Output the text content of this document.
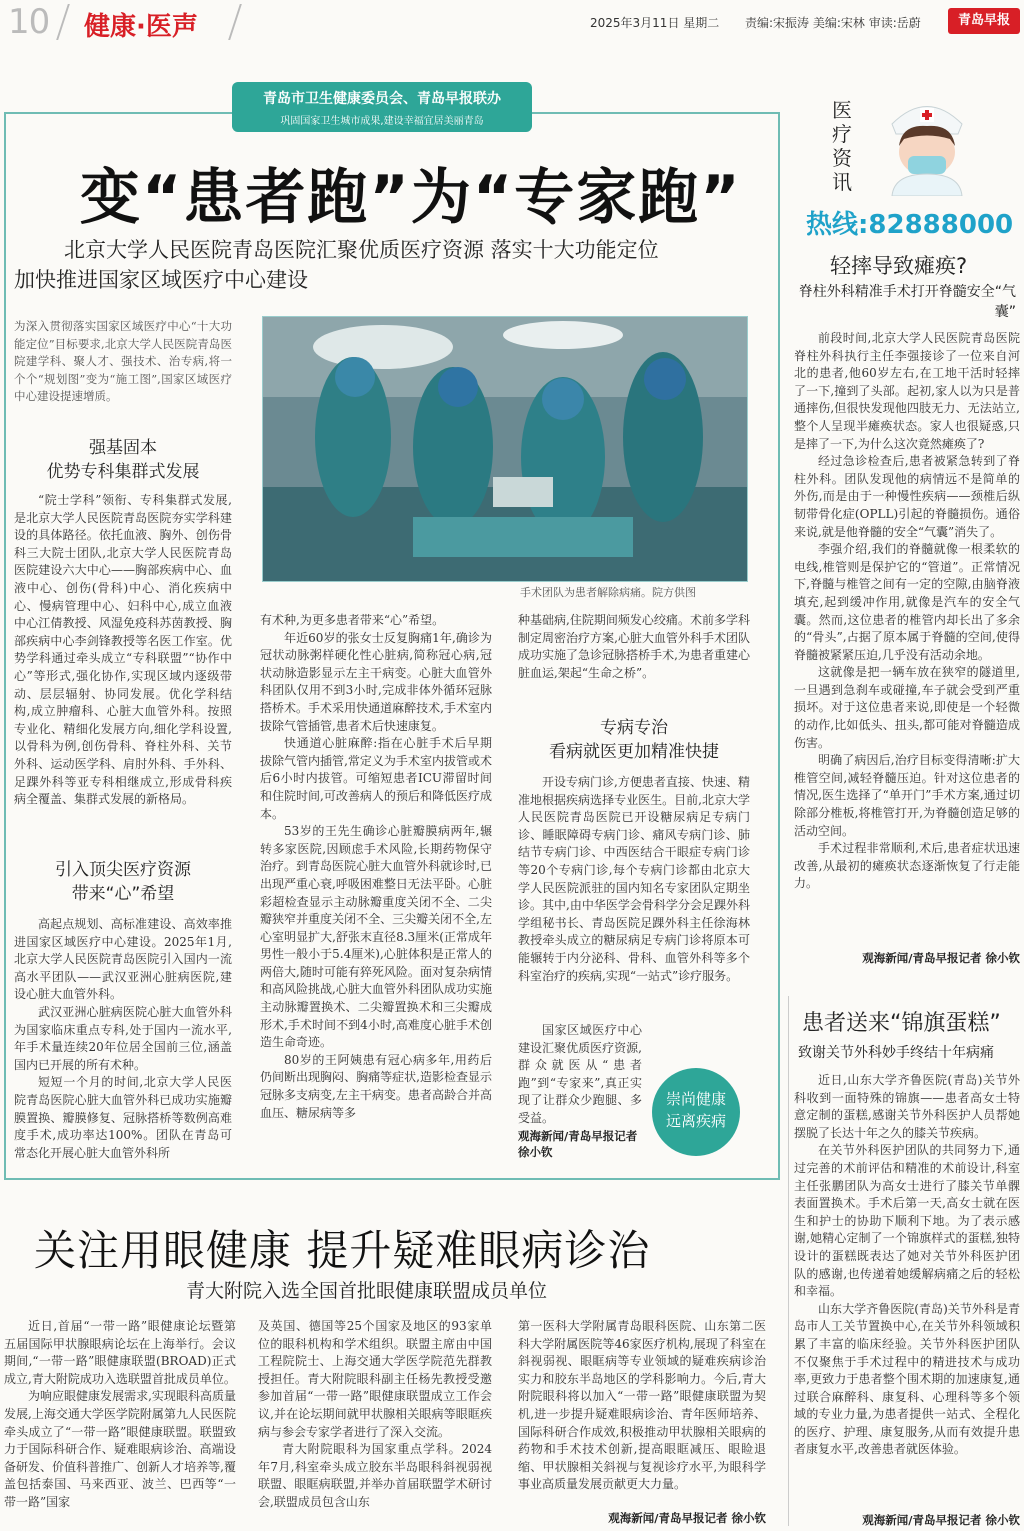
10 健康·医声	2025年3月11日 星期二 责编:宋振涛 美编:宋林 审读:岳蔚	青岛早报
青岛市卫生健康委员会、青岛早报联办
巩固国家卫生城市成果,建设幸福宜居美丽青岛
变“患者跑”为“专家跑”
北京大学人民医院青岛医院汇聚优质医疗资源 落实十大功能定位
加快推进国家区域医疗中心建设
为深入贯彻落实国家区域医疗中心“十大功能定位”目标要求,北京大学人民医院青岛医院建学科、聚人才、强技术、治专病,将一个个“规划图”变为“施工图”,国家区域医疗中心建设提速增质。
强基固本
优势专科集群式发展

“院士学科”领衔、专科集群式发展,是北京大学人民医院青岛医院夯实学科建设的具体路径。依托血液、胸外、创伤骨科三大院士团队,北京大学人民医院青岛医院建设六大中心——胸部疾病中心、血液中心、创伤(骨科)中心、消化疾病中心、慢病管理中心、妇科中心,成立血液中心江倩教授、风湿免疫科苏茵教授、胸部疾病中心李剑锋教授等名医工作室。优势学科通过牵头成立“专科联盟”“协作中心”等形式,强化协作,实现区域内逐级带动、层层辐射、协同发展。优化学科结构,成立肿瘤科、心脏大血管外科。按照专业化、精细化发展方向,细化学科设置,以骨科为例,创伤骨科、脊柱外科、关节外科、运动医学科、肩肘外科、手外科、足踝外科等亚专科相继成立,形成骨科疾病全覆盖、集群式发展的新格局。

引入顶尖医疗资源
带来“心”希望

高起点规划、高标准建设、高效率推进国家区域医疗中心建设。2025年1月,北京大学人民医院青岛医院引入国内一流高水平团队——武汉亚洲心脏病医院,建设心脏大血管外科。

武汉亚洲心脏病医院心脏大血管外科为国家临床重点专科,处于国内一流水平,年手术量连续20年位居全国前三位,涵盖国内已开展的所有术种。

短短一个月的时间,北京大学人民医院青岛医院心脏大血管外科已成功实施瓣膜置换、瓣膜修复、冠脉搭桥等数例高难度手术,成功率达100%。团队在青岛可常态化开展心脏大血管外科所

手术团队为患者解除病痛。院方供图

有术种,为更多患者带来“心”希望。

年近60岁的张女士反复胸痛1年,确诊为冠状动脉粥样硬化性心脏病,简称冠心病,冠状动脉造影显示左主干病变。心脏大血管外科团队仅用不到3小时,完成非体外循环冠脉搭桥术。手术采用快通道麻醉技术,手术室内拔除气管插管,患者术后快速康复。

快通道心脏麻醉:指在心脏手术后早期拔除气管内插管,常定义为手术室内拔管或术后6小时内拔管。可缩短患者ICU滞留时间和住院时间,可改善病人的预后和降低医疗成本。

53岁的王先生确诊心脏瓣膜病两年,辗转多家医院,因顾虑手术风险,长期药物保守治疗。到青岛医院心脏大血管外科就诊时,已出现严重心衰,呼吸困难整日无法平卧。心脏彩超检查显示主动脉瓣重度关闭不全、二尖瓣狭窄并重度关闭不全、三尖瓣关闭不全,左心室明显扩大,舒张末直径8.3厘米(正常成年男性一般小于5.4厘米),心脏体积是正常人的两倍大,随时可能有猝死风险。面对复杂病情和高风险挑战,心脏大血管外科团队成功实施主动脉瓣置换术、二尖瓣置换术和三尖瓣成形术,手术时间不到4小时,高难度心脏手术创造生命奇迹。

80岁的王阿姨患有冠心病多年,用药后仍间断出现胸闷、胸痛等症状,造影检查显示冠脉多支病变,左主干病变。患者高龄合并高血压、糖尿病等多

种基础病,住院期间频发心绞痛。术前多学科制定周密治疗方案,心脏大血管外科手术团队成功实施了急诊冠脉搭桥手术,为患者重建心脏血运,架起“生命之桥”。

专病专治
看病就医更加精准快捷

开设专病门诊,方便患者直接、快速、精准地根据疾病选择专业医生。目前,北京大学人民医院青岛医院已开设糖尿病足专病门诊、睡眠障碍专病门诊、痛风专病门诊、肺结节专病门诊、中西医结合干眼症专病门诊等20个专病门诊,每个专病门诊都由北京大学人民医院派驻的国内知名专家团队定期坐诊。其中,由中华医学会骨科学分会足踝外科学组秘书长、青岛医院足踝外科主任徐海林教授牵头成立的糖尿病足专病门诊将原本可能辗转于内分泌科、骨科、血管外科等多个科室治疗的疾病,实现“一站式”诊疗服务。

国家区域医疗中心建设汇聚优质医疗资源,群众就医从“患者跑”到“专家来”,真正实现了让群众少跑腿、多受益。

观海新闻/青岛早报记者 徐小钦
崇尚健康
远离疾病
医疗资讯
热线:82888000
轻摔导致瘫痪?
脊柱外科精准手术打开脊髓安全“气囊”

前段时间,北京大学人民医院青岛医院脊柱外科执行主任李强接诊了一位来自河北的患者,他60岁左右,在工地干活时轻摔了一下,撞到了头部。起初,家人以为只是普通摔伤,但很快发现他四肢无力、无法站立,整个人呈现半瘫痪状态。家人也很疑惑,只是摔了一下,为什么这次竟然瘫痪了?

经过急诊检查后,患者被紧急转到了脊柱外科。团队发现他的病情远不是简单的外伤,而是由于一种慢性疾病——颈椎后纵韧带骨化症(OPLL)引起的脊髓损伤。通俗来说,就是他脊髓的安全“气囊”消失了。

李强介绍,我们的脊髓就像一根柔软的电线,椎管则是保护它的“管道”。正常情况下,脊髓与椎管之间有一定的空隙,由脑脊液填充,起到缓冲作用,就像是汽车的安全气囊。然而,这位患者的椎管内却长出了多余的“骨头”,占据了原本属于脊髓的空间,使得脊髓被紧紧压迫,几乎没有活动余地。

这就像是把一辆车放在狭窄的隧道里,一旦遇到急刹车或碰撞,车子就会受到严重损坏。对于这位患者来说,即使是一个轻微的动作,比如低头、扭头,都可能对脊髓造成伤害。

明确了病因后,治疗目标变得清晰:扩大椎管空间,减轻脊髓压迫。针对这位患者的情况,医生选择了“单开门”手术方案,通过切除部分椎板,将椎管打开,为脊髓创造足够的活动空间。

手术过程非常顺利,术后,患者症状迅速改善,从最初的瘫痪状态逐渐恢复了行走能力。

观海新闻/青岛早报记者 徐小钦
患者送来“锦旗蛋糕”
致谢关节外科妙手终结十年病痛

近日,山东大学齐鲁医院(青岛)关节外科收到一面特殊的锦旗——患者高女士特意定制的蛋糕,感谢关节外科医护人员帮她摆脱了长达十年之久的膝关节疾病。

在关节外科医护团队的共同努力下,通过完善的术前评估和精准的术前设计,科室主任张鹏团队为高女士进行了膝关节单髁表面置换术。手术后第一天,高女士就在医生和护士的协助下顺利下地。为了表示感谢,她精心定制了一个锦旗样式的蛋糕,独特设计的蛋糕既表达了她对关节外科医护团队的感谢,也传递着她缓解病痛之后的轻松和幸福。

山东大学齐鲁医院(青岛)关节外科是青岛市人工关节置换中心,在关节外科领域积累了丰富的临床经验。关节外科医护团队不仅聚焦于手术过程中的精进技术与成功率,更致力于患者整个围术期的加速康复,通过联合麻醉科、康复科、心理科等多个领域的专业力量,为患者提供一站式、全程化的医疗、护理、康复服务,从而有效提升患者康复水平,改善患者就医体验。

观海新闻/青岛早报记者 徐小钦
关注用眼健康 提升疑难眼病诊治
青大附院入选全国首批眼健康联盟成员单位

近日,首届“一带一路”眼健康论坛暨第五届国际甲状腺眼病论坛在上海举行。会议期间,“一带一路”眼健康联盟(BROAD)正式成立,青大附院成功入选联盟首批成员单位。

为响应眼健康发展需求,实现眼科高质量发展,上海交通大学医学院附属第九人民医院牵头成立了“一带一路”眼健康联盟。联盟致力于国际科研合作、疑难眼病诊治、高端设备研发、价值科普推广、创新人才培养等,覆盖包括泰国、马来西亚、波兰、巴西等“一带一路”国家

及英国、德国等25个国家及地区的93家单位的眼科机构和学术组织。联盟主席由中国工程院院士、上海交通大学医学院范先群教授担任。青大附院眼科副主任杨先教授受邀参加首届“一带一路”眼健康联盟成立工作会议,并在论坛期间就甲状腺相关眼病等眼眶疾病与参会专家学者进行了深入交流。

青大附院眼科为国家重点学科。2024年7月,科室牵头成立胶东半岛眼科斜视弱视联盟、眼眶病联盟,并举办首届联盟学术研讨会,联盟成员包含山东

第一医科大学附属青岛眼科医院、山东第二医科大学附属医院等46家医疗机构,展现了科室在斜视弱视、眼眶病等专业领域的疑难疾病诊治实力和胶东半岛地区的学科影响力。今后,青大附院眼科将以加入“一带一路”眼健康联盟为契机,进一步提升疑难眼病诊治、青年医师培养、国际科研合作成效,积极推动甲状腺相关眼病的药物和手术技术创新,提高眼眶减压、眼睑退缩、甲状腺相关斜视与复视诊疗水平,为眼科学事业高质量发展贡献更大力量。

观海新闻/青岛早报记者 徐小钦
